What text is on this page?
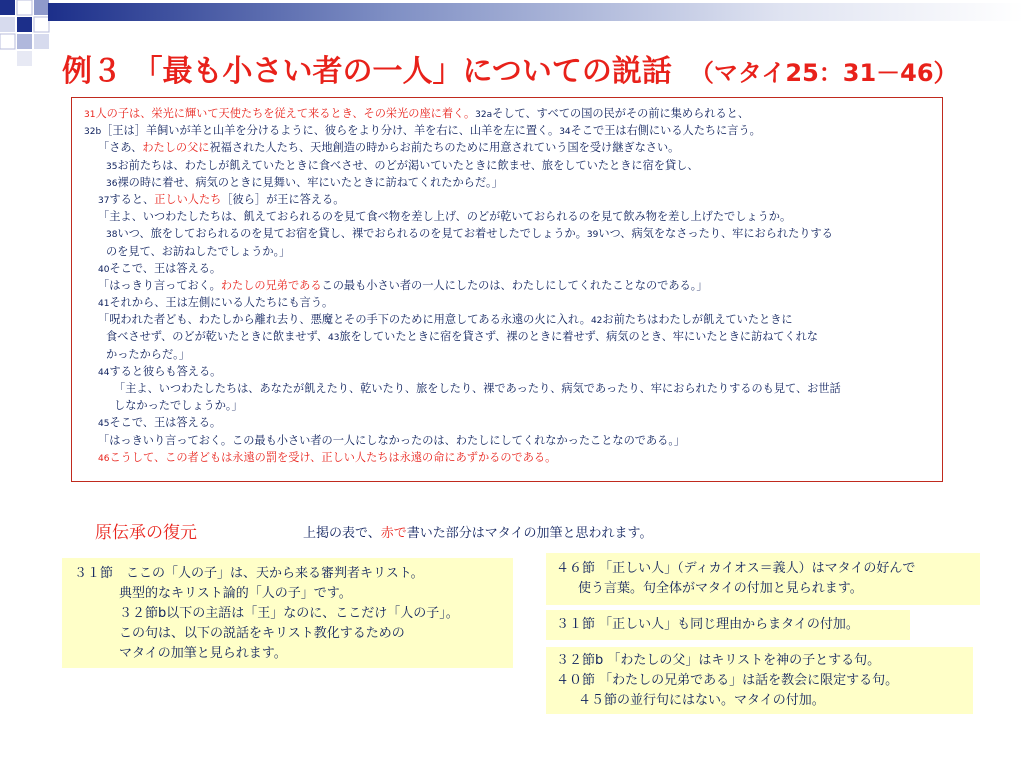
例３ 「最も小さい者の一人」についての説話 （マタイ25：31－46）
31人の子は、栄光に輝いて天使たちを従えて来るとき、その栄光の座に着く。32aそして、すべての国の民がその前に集められると、
32b［王は］羊飼いが羊と山羊を分けるように、彼らをより分け、羊を右に、山羊を左に置く。34そこで王は右側にいる人たちに言う。
「さあ、わたしの父に祝福された人たち、天地創造の時からお前たちのために用意されていう国を受け継ぎなさい。
35お前たちは、わたしが飢えていたときに食べさせ、のどが渇いていたときに飲ませ、旅をしていたときに宿を貸し、
36裸の時に着せ、病気のときに見舞い、牢にいたときに訪ねてくれたからだ。」
37すると、正しい人たち［彼ら］が王に答える。
「主よ、いつわたしたちは、飢えておられるのを見て食べ物を差し上げ、のどが乾いておられるのを見て飲み物を差し上げたでしょうか。
38いつ、旅をしておられるのを見てお宿を貸し、裸でおられるのを見てお着せしたでしょうか。39いつ、病気をなさったり、牢におられたりする
のを見て、お訪ねしたでしょうか。」
40そこで、王は答える。
「はっきり言っておく。わたしの兄弟であるこの最も小さい者の一人にしたのは、わたしにしてくれたことなのである。」
41それから、王は左側にいる人たちにも言う。
「呪われた者ども、わたしから離れ去り、悪魔とその手下のために用意してある永遠の火に入れ。42お前たちはわたしが飢えていたときに
食べさせず、のどが乾いたときに飲ませず、43旅をしていたときに宿を貸さず、裸のときに着せず、病気のとき、牢にいたときに訪ねてくれな
かったからだ。」
44すると彼らも答える。
「主よ、いつわたしたちは、あなたが飢えたり、乾いたり、旅をしたり、裸であったり、病気であったり、牢におられたりするのも見て、お世話
しなかったでしょうか。」
45そこで、王は答える。
「はっきいり言っておく。この最も小さい者の一人にしなかったのは、わたしにしてくれなかったことなのである。」
46こうして、この者どもは永遠の罰を受け、正しい人たちは永遠の命にあずかるのである。
原伝承の復元	上掲の表で、赤で書いた部分はマタイの加筆と思われます。
３１節　ここの「人の子」は、天から来る審判者キリスト。
典型的なキリスト論的「人の子」です。
３２節b以下の主語は「王」なのに、ここだけ「人の子」。
この句は、以下の説話をキリスト教化するための
マタイの加筆と見られます。
４６節 「正しい人」（ディカイオス＝義人）はマタイの好んで
使う言葉。句全体がマタイの付加と見られます。
３１節 「正しい人」も同じ理由からまタイの付加。
３２節b 「わたしの父」はキリストを神の子とする句。
４０節 「わたしの兄弟である」は話を教会に限定する句。
４５節の並行句にはない。マタイの付加。
